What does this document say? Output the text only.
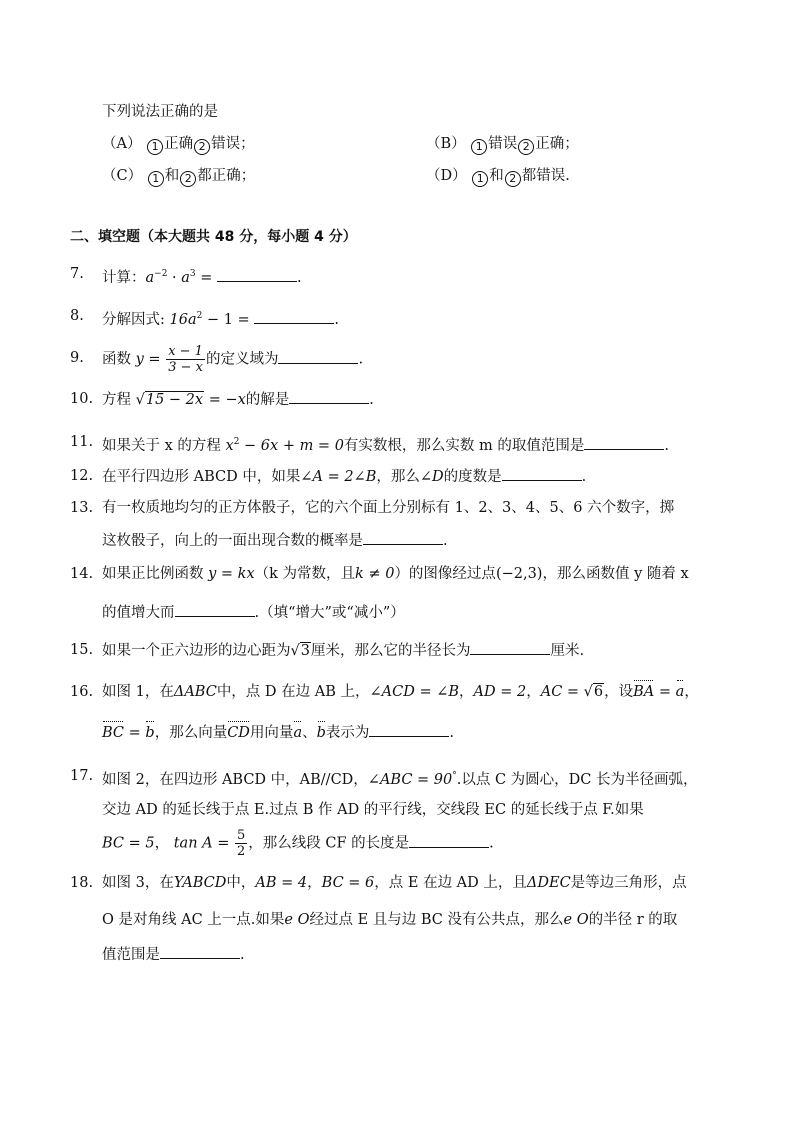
下列说法正确的是
（A） 1 正确 2 错误；	（B） 1 错误 2 正确；
（C） 1 和 2 都正确；	（D） 1 和 2 都错误.
二、填空题（本大题共 48 分，每小题 4 分）
7. 计算：$a^{-2} \cdot a^3$ =	.
8. 分解因式: $16a^2 - 1$ =	.
9. 函数 $y = \frac{x - 1}{3 - x}$ 的定义域为	.
10. 方程 √15 − 2x = −x的解是	.
11. 如果关于 x 的方程 $x^2 - 6x + m = 0$有实数根，那么实数 m 的取值范围是	.
12. 在平行四边形 ABCD 中，如果∠A = 2∠B，那么∠D的度数是	.
13. 有一枚质地均匀的正方体骰子，它的六个面上分别标有 1、2、3、4、5、6 六个数字，掷
这枚骰子，向上的一面出现合数的概率是	.
14. 如果正比例函数 y = kx（k 为常数，且k ≠ 0）的图像经过点(−2,3)，那么函数值 y 随着 x
的值增大而	.（填“增大”或“减小”）
15. 如果一个正六边形的边心距为√3厘米，那么它的半径长为	厘米.
16. 如图 1，在ΔABC中，点 D 在边 AB 上，∠ACD = ∠B，AD = 2，AC = √6，设BA = a，
BC = b，那么向量CD用向量a、b表示为	.
17. 如图 2，在四边形 ABCD 中，AB//CD，∠ABC = 90°.以点 C 为圆心，DC 长为半径画弧，
交边 AD 的延长线于点 E.过点 B 作 AD 的平行线，交线段 EC 的延长线于点 F.如果
BC = 5， $\tan A = \frac{5}{2}$ ，那么线段 CF 的长度是	.
18. 如图 3，在YABCD中，AB = 4，BC = 6，点 E 在边 AD 上，且ΔDEC是等边三角形，点
O 是对角线 AC 上一点.如果e O经过点 E 且与边 BC 没有公共点，那么e O的半径 r 的取
值范围是	.
